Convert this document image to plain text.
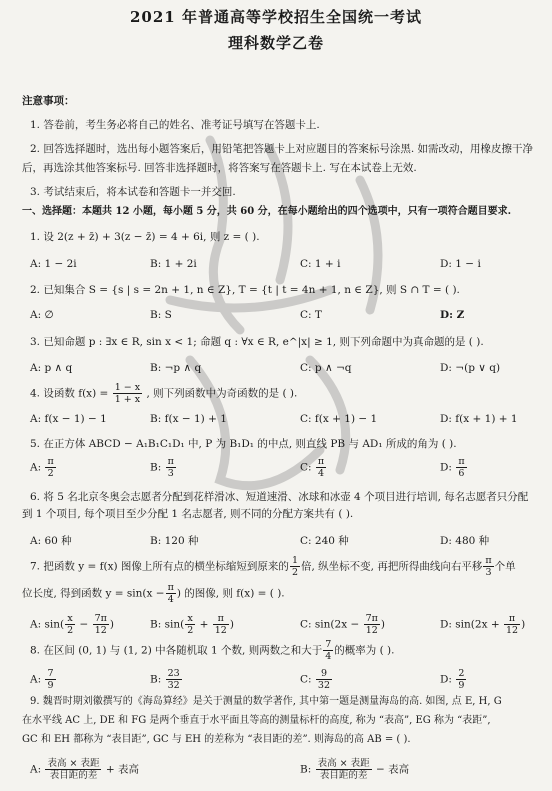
2021 年普通高等学校招生全国统一考试
理科数学乙卷
注意事项：
1. 答卷前，考生务必将自己的姓名、准考证号填写在答题卡上.
2. 回答选择题时，选出每小题答案后，用铅笔把答题卡上对应题目的答案标号涂黑. 如需改动，用橡皮擦干净
后，再选涂其他答案标号. 回答非选择题时，将答案写在答题卡上. 写在本试卷上无效.
3. 考试结束后，将本试卷和答题卡一并交回.
一、选择题：本题共 12 小题，每小题 5 分，共 60 分，在每小题给出的四个选项中，只有一项符合题目要求.
1. 设 2(z + z̄) + 3(z − z̄) = 4 + 6i, 则 z = ( ).
A: 1 − 2i	B: 1 + 2i	C: 1 + i	D: 1 − i
2. 已知集合 S = {s | s = 2n + 1, n ∈ Z}, T = {t | t = 4n + 1, n ∈ Z}, 则 S ∩ T = ( ).
A: ∅	B: S	C: T	D: Z
3. 已知命题 p : ∃x ∈ R, sin x < 1; 命题 q : ∀x ∈ R, e^|x| ≥ 1, 则下列命题中为真命题的是 ( ).
A: p ∧ q	B: ¬p ∧ q	C: p ∧ ¬q	D: ¬(p ∨ q)
4. 设函数 $f(x) = \frac{1 - x}{1 + x}$ , 则下列函数中为奇函数的是 ( ).
A: f(x − 1) − 1	B: f(x − 1) + 1	C: f(x + 1) − 1	D: f(x + 1) + 1
5. 在正方体 ABCD − A₁B₁C₁D₁ 中, P 为 B₁D₁ 的中点, 则直线 PB 与 AD₁ 所成的角为 ( ).
A: $\frac{\pi}{2}$	B: $\frac{\pi}{3}$	C: $\frac{\pi}{4}$	D: $\frac{\pi}{6}$
6. 将 5 名北京冬奥会志愿者分配到花样滑冰、短道速滑、冰球和冰壶 4 个项目进行培训, 每名志愿者只分配
到 1 个项目, 每个项目至少分配 1 名志愿者, 则不同的分配方案共有 ( ).
A: 60 种	B: 120 种	C: 240 种	D: 480 种
7. 把函数 y = f(x) 图像上所有点的横坐标缩短到原来的 $\frac{1}{2}$ 倍, 纵坐标不变, 再把所得曲线向右平移 $\frac{\pi}{3}$ 个单
位长度, 得到函数 $y = \sin(x - \frac{\pi}{4}$ ) 的图像, 则 f(x) = ( ).
A: $\sin( \frac{x}{2} - \frac{7\pi}{12}$ )	B: $\sin( \frac{x}{2} + \frac{\pi}{12}$ )	C: $\sin(2x - \frac{7\pi}{12}$ )	D: $\sin(2x + \frac{\pi}{12}$ )
8. 在区间 (0, 1) 与 (1, 2) 中各随机取 1 个数, 则两数之和大于 $\frac{7}{4}$ 的概率为 ( ).
A: $\frac{7}{9}$	B: $\frac{23}{32}$	C: $\frac{9}{32}$	D: $\frac{2}{9}$
9. 魏晋时期刘徽撰写的《海岛算经》是关于测量的数学著作, 其中第一题是测量海岛的高. 如图, 点 E, H, G
在水平线 AC 上, DE 和 FG 是两个垂直于水平面且等高的测量标杆的高度, 称为 “表高”, EG 称为 “表距”,
GC 和 EH 都称为 “表目距”, GC 与 EH 的差称为 “表目距的差”. 则海岛的高 AB = ( ).
A: $\frac{\text{表高 × 表距}}{\text{表目距的差}}$ + 表高	B: $\frac{\text{表高 × 表距}}{\text{表目距的差}}$ − 表高
